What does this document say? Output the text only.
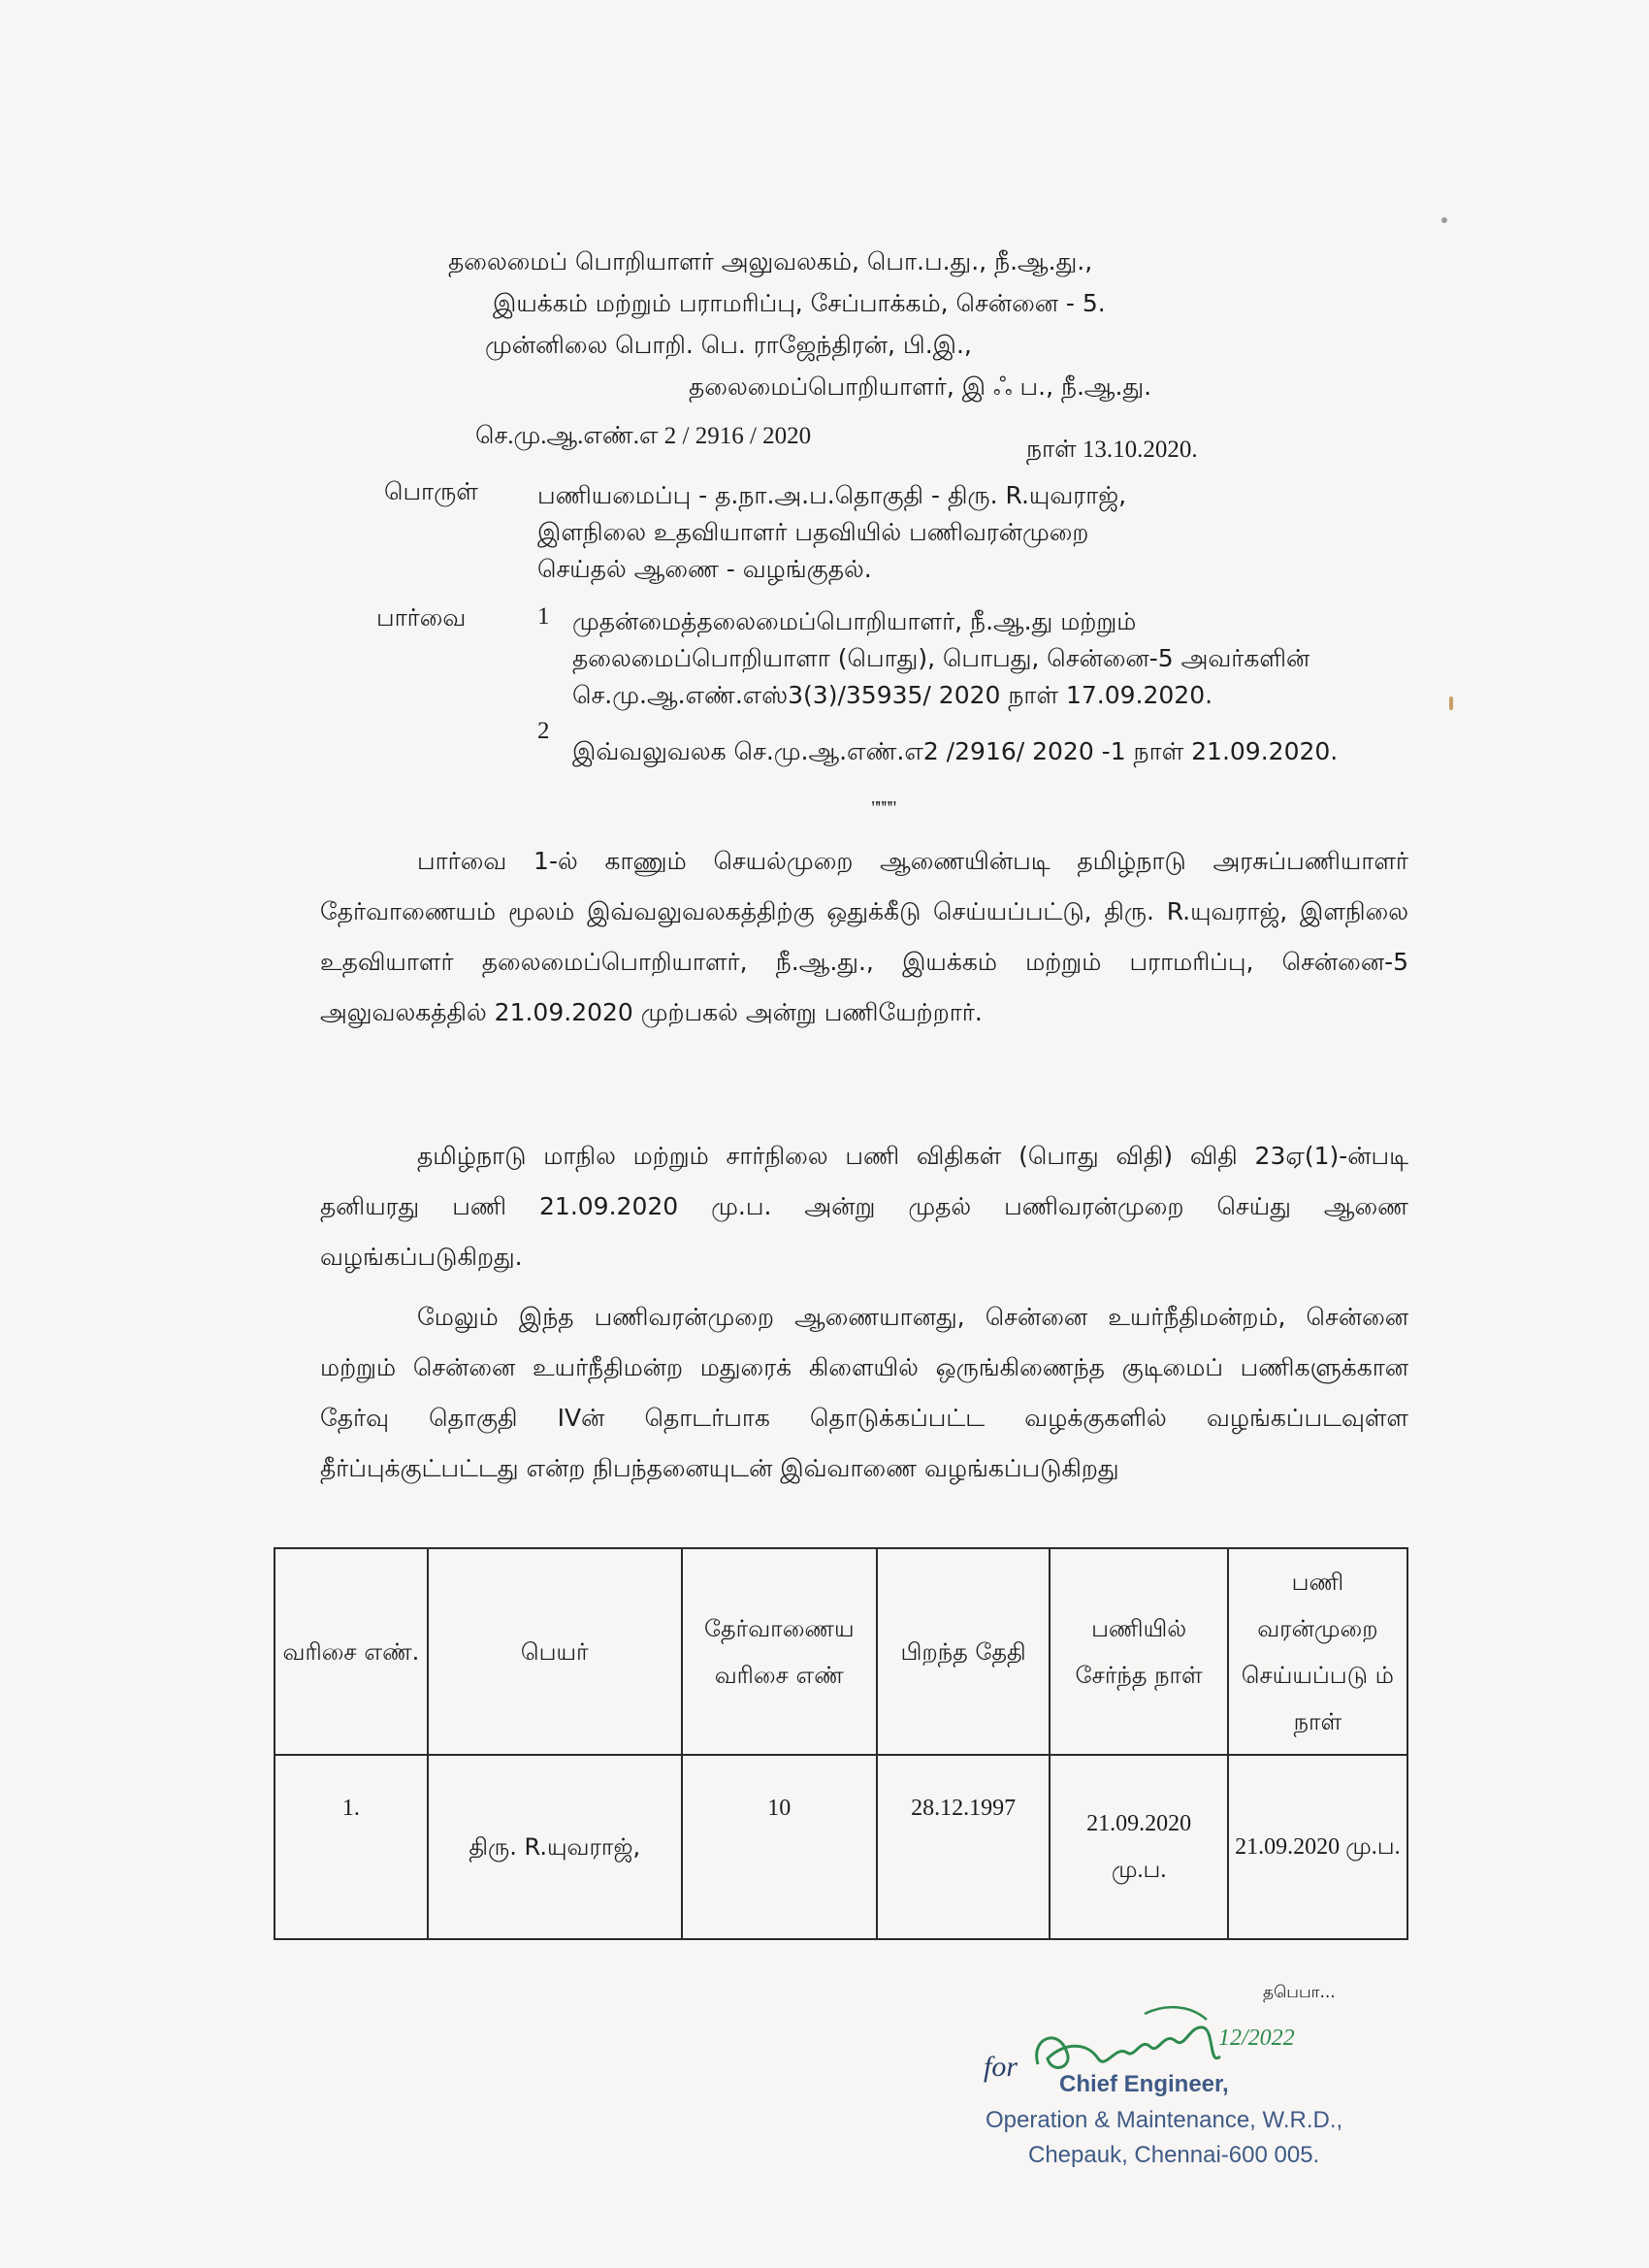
தலைமைப் பொறியாளர் அலுவலகம், பொ.ப.து., நீ.ஆ.து.,
இயக்கம் மற்றும் பராமரிப்பு, சேப்பாக்கம், சென்னை - 5.
முன்னிலை பொறி. பெ. ராஜேந்திரன், பி.இ.,
தலைமைப்பொறியாளர், இ ஃ ப., நீ.ஆ.து.
செ.மு.ஆ.எண்.எ 2 / 2916 / 2020
நாள் 13.10.2020.
பொருள் பணியமைப்பு - த.நா.அ.ப.தொகுதி - திரு. R.யுவராஜ்,
இளநிலை உதவியாளர் பதவியில் பணிவரன்முறை
செய்தல் ஆணை - வழங்குதல்.
பார்வை	1 முதன்மைத்தலைமைப்பொறியாளர், நீ.ஆ.து மற்றும்
தலைமைப்பொறியாளா (பொது), பொபது, சென்னை-5 அவர்களின்
செ.மு.ஆ.எண்.எஸ்3(3)/35935/ 2020 நாள் 17.09.2020.
2
இவ்வலுவலக செ.மு.ஆ.எண்.எ2 /2916/ 2020 -1 நாள் 21.09.2020.
""""
பார்வை 1-ல் காணும் செயல்முறை ஆணையின்படி தமிழ்நாடு அரசுப்பணியாளர் தேர்வாணையம் மூலம் இவ்வலுவலகத்திற்கு ஒதுக்கீடு செய்யப்பட்டு, திரு. R.யுவராஜ், இளநிலை உதவியாளர் தலைமைப்பொறியாளர், நீ.ஆ.து., இயக்கம் மற்றும் பராமரிப்பு, சென்னை-5 அலுவலகத்தில் 21.09.2020 முற்பகல் அன்று பணியேற்றார்.
தமிழ்நாடு மாநில மற்றும் சார்நிலை பணி விதிகள் (பொது விதி) விதி 23ஏ(1)-ன்படி தனியரது பணி 21.09.2020 மு.ப. அன்று முதல் பணிவரன்முறை செய்து ஆணை வழங்கப்படுகிறது.
மேலும் இந்த பணிவரன்முறை ஆணையானது, சென்னை உயர்நீதிமன்றம், சென்னை மற்றும் சென்னை உயர்நீதிமன்ற மதுரைக் கிளையில் ஒருங்கிணைந்த குடிமைப் பணிகளுக்கான தேர்வு தொகுதி IVன் தொடர்பாக தொடுக்கப்பட்ட வழக்குகளில் வழங்கப்படவுள்ள தீர்ப்புக்குட்பட்டது என்ற நிபந்தனையுடன் இவ்வாணை வழங்கப்படுகிறது
வரிசை எண்.	பெயர்	தேர்வாணைய வரிசை எண்	பிறந்த தேதி	பணியில் சேர்ந்த நாள்	பணி வரன்முறை செய்யப்படு ம் நாள்
1.	திரு. R.யுவராஜ்,	10	28.12.1997	21.09.2020 மு.ப.	21.09.2020 மு.ப.
தபெபா...
for
12/2022
Chief Engineer,
Operation & Maintenance, W.R.D.,
Chepauk, Chennai-600 005.
